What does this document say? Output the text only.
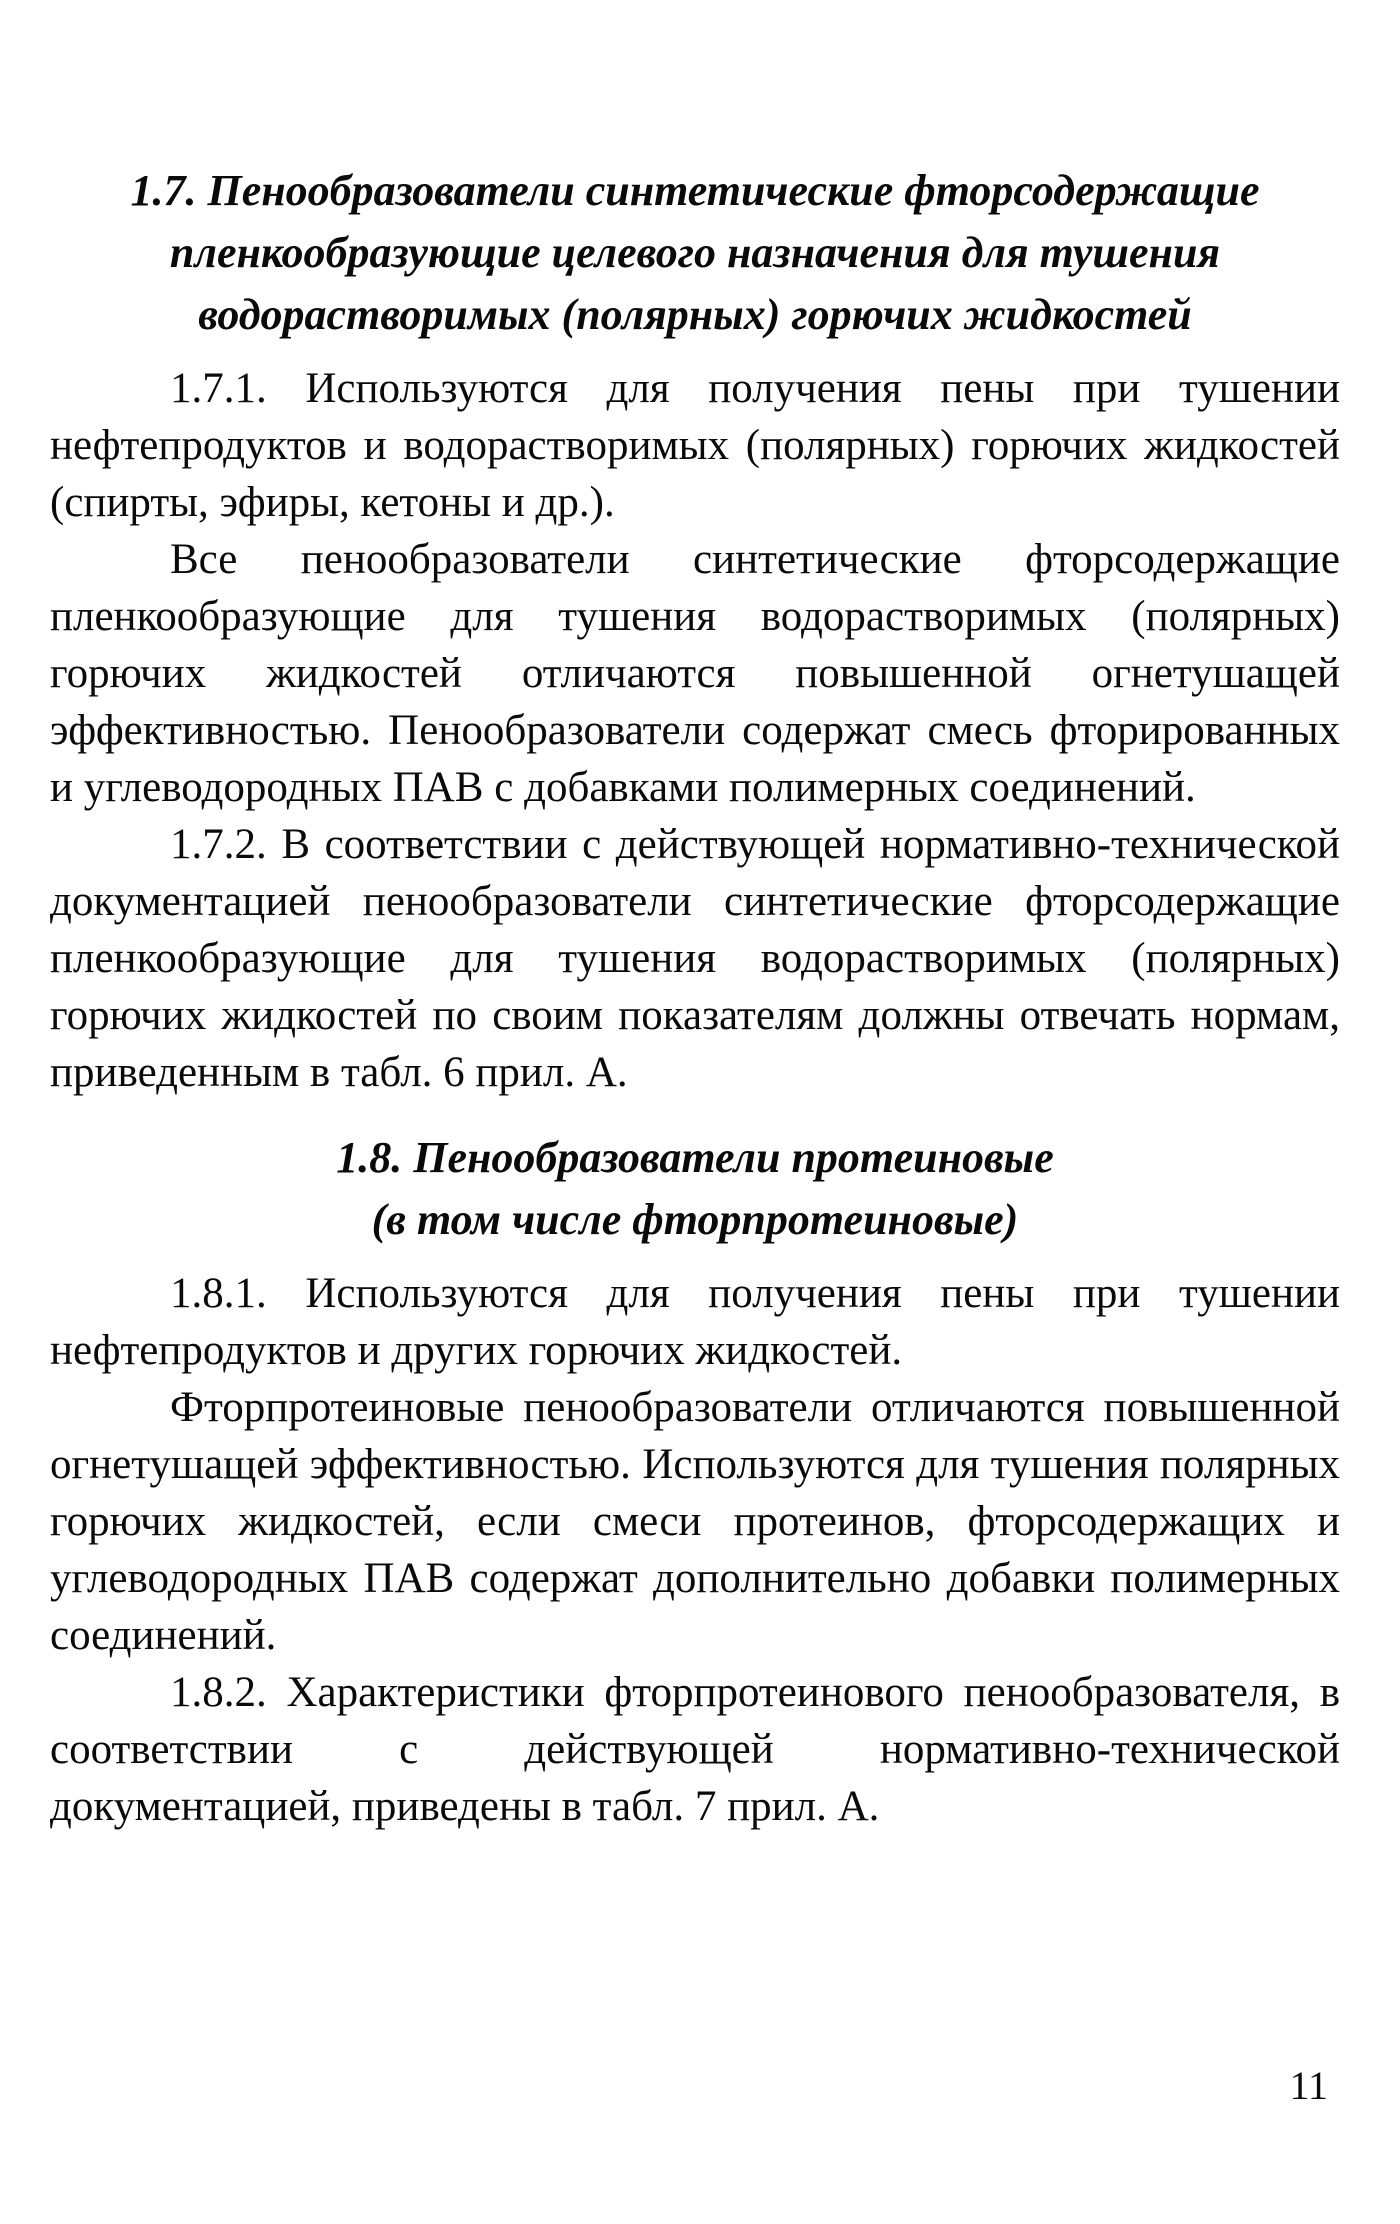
1.7. Пенообразователи синтетические фторсодержащие
пленкообразующие целевого назначения для тушения
водорастворимых (полярных) горючих жидкостей

1.7.1. Используются для получения пены при тушении нефтепродуктов и водорастворимых (полярных) горючих жидкостей (спирты, эфиры, кетоны и др.).

Все пенообразователи синтетические фторсодержащие пленкообразующие для тушения водорастворимых (полярных) горючих жидкостей отличаются повышенной огнетушащей эффективностью. Пенообразователи содержат смесь фторированных и углеводородных ПАВ с добавками полимерных соединений.

1.7.2. В соответствии с действующей нормативно-технической документацией пенообразователи синтетические фторсодержащие пленкообразующие для тушения водорастворимых (полярных) горючих жидкостей по своим показателям должны отвечать нормам, приведенным в табл. 6 прил. А.

1.8. Пенообразователи протеиновые
(в том числе фторпротеиновые)

1.8.1. Используются для получения пены при тушении нефтепродуктов и других горючих жидкостей.

Фторпротеиновые пенообразователи отличаются повышенной огнетушащей эффективностью. Используются для тушения полярных горючих жидкостей, если смеси протеинов, фторсодержащих и углеводородных ПАВ содержат дополнительно добавки полимерных соединений.

1.8.2. Характеристики фторпротеинового пенообразователя, в соответствии с действующей нормативно-технической документацией, приведены в табл. 7 прил. А.

11
